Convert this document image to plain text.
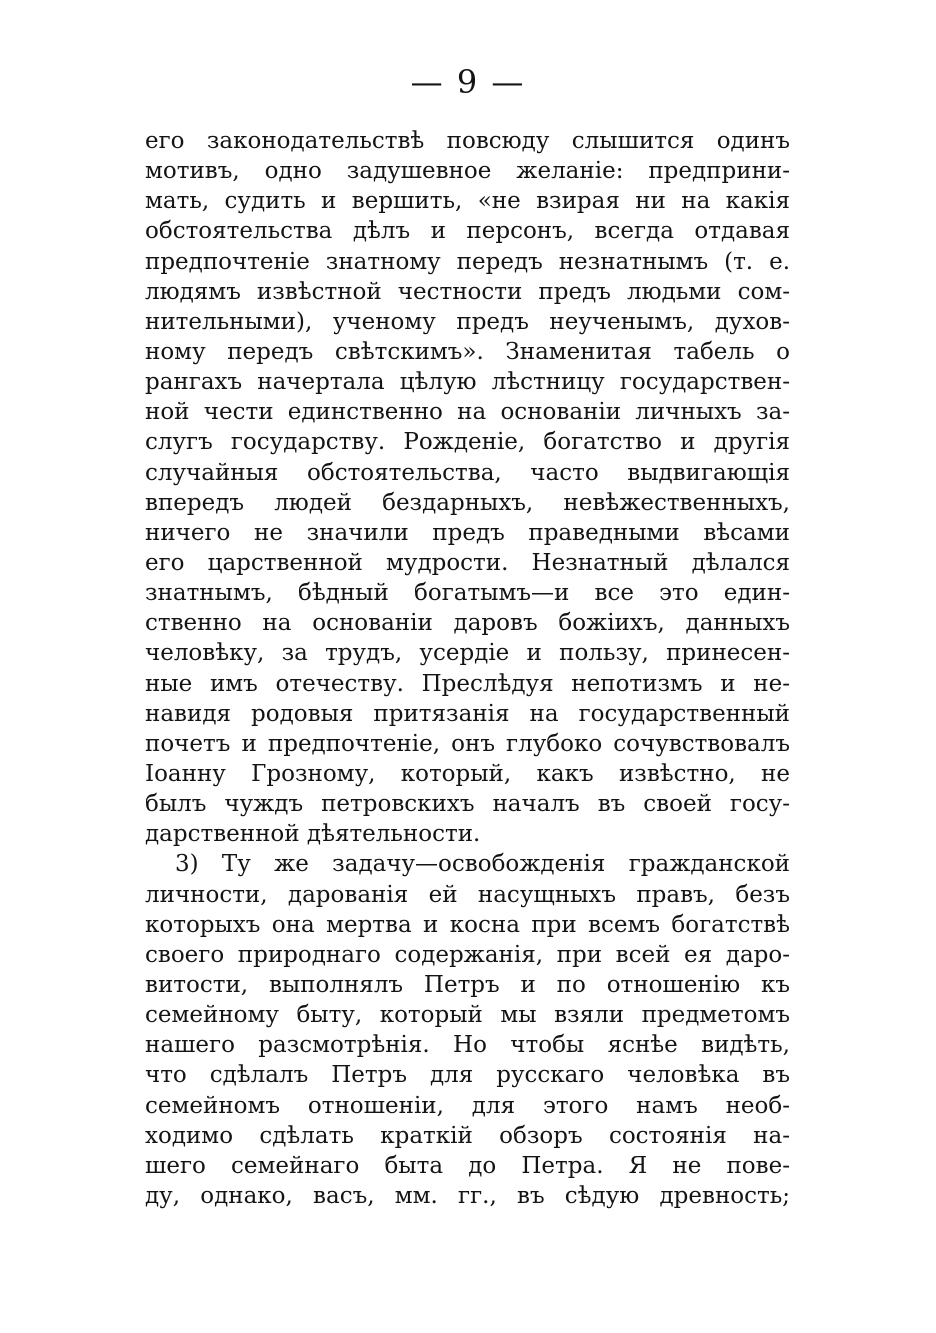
— 9 —
его законодательствѣ повсюду слышится одинъ
мотивъ, одно задушевное желаніе: предприни-
мать, судить и вершить, «не взирая ни на какія
обстоятельства дѣлъ и персонъ, всегда отдавая
предпочтеніе знатному передъ незнатнымъ (т. е.
людямъ извѣстной честности предъ людьми сом-
нительными), ученому предъ неученымъ, духов-
ному передъ свѣтскимъ». Знаменитая табель о
рангахъ начертала цѣлую лѣстницу государствен-
ной чести единственно на основаніи личныхъ за-
слугъ государству. Рожденіе, богатство и другія
случайныя обстоятельства, часто выдвигающія
впередъ людей бездарныхъ, невѣжественныхъ,
ничего не значили предъ праведными вѣсами
его царственной мудрости. Незнатный дѣлался
знатнымъ, бѣдный богатымъ—и все это един-
ственно на основаніи даровъ божіихъ, данныхъ
человѣку, за трудъ, усердіе и пользу, принесен-
ные имъ отечеству. Преслѣдуя непотизмъ и не-
навидя родовыя притязанія на государственный
почетъ и предпочтеніе, онъ глубоко сочувствовалъ
Іоанну Грозному, который, какъ извѣстно, не
былъ чуждъ петровскихъ началъ въ своей госу-
дарственной дѣятельности.
3) Ту же задачу—освобожденія гражданской
личности, дарованія ей насущныхъ правъ, безъ
которыхъ она мертва и косна при всемъ богатствѣ
своего природнаго содержанія, при всей ея даро-
витости, выполнялъ Петръ и по отношенію къ
семейному быту, который мы взяли предметомъ
нашего разсмотрѣнія. Но чтобы яснѣе видѣть,
что сдѣлалъ Петръ для русскаго человѣка въ
семейномъ отношеніи, для этого намъ необ-
ходимо сдѣлать краткій обзоръ состоянія на-
шего семейнаго быта до Петра. Я не пове-
ду, однако, васъ, мм. гг., въ сѣдую древность;
